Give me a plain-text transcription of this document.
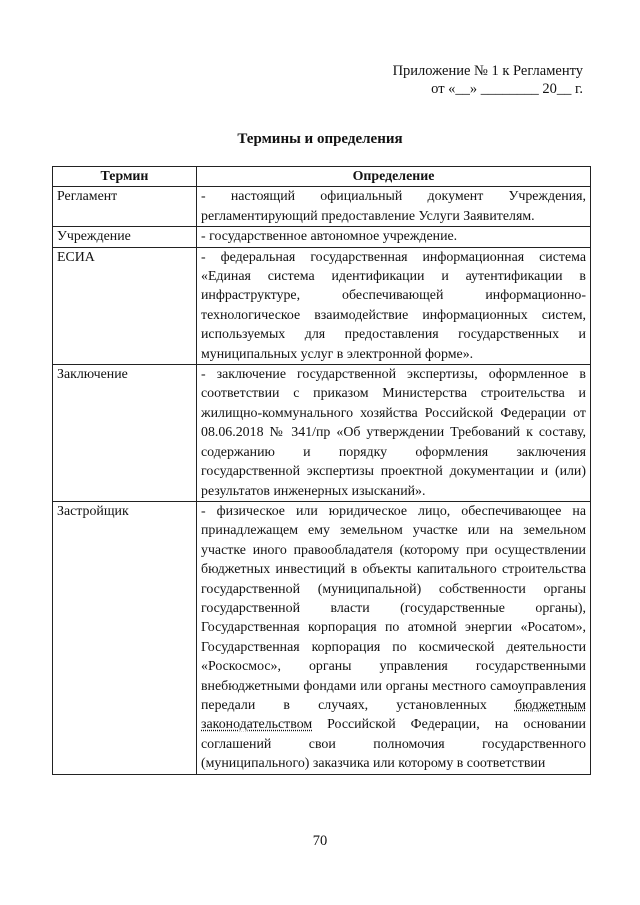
Приложение № 1 к Регламенту
от «__» ________ 20__ г.
Термины и определения
Термин	Определение
Регламент	- настоящий официальный документ Учреждения, регламентирующий предоставление Услуги Заявителям.
Учреждение	- государственное автономное учреждение.
ЕСИА	- федеральная государственная информационная система «Единая система идентификации и аутентификации в инфраструктуре, обеспечивающей информационно-технологическое взаимодействие информационных систем, используемых для предоставления государственных и муниципальных услуг в электронной форме».
Заключение	- заключение государственной экспертизы, оформленное в соответствии с приказом Министерства строительства и жилищно-коммунального хозяйства Российской Федерации от 08.06.2018 № 341/пр «Об утверждении Требований к составу, содержанию и порядку оформления заключения государственной экспертизы проектной документации и (или) результатов инженерных изысканий».
Застройщик	- физическое или юридическое лицо, обеспечивающее на принадлежащем ему земельном участке или на земельном участке иного правообладателя (которому при осуществлении бюджетных инвестиций в объекты капитального строительства государственной (муниципальной) собственности органы государственной власти (государственные органы), Государственная корпорация по атомной энергии «Росатом», Государственная корпорация по космической деятельности «Роскосмос», органы управления государственными внебюджетными фондами или органы местного самоуправления передали в случаях, установленных бюджетным законодательством Российской Федерации, на основании соглашений свои полномочия государственного (муниципального) заказчика или которому в соответствии
70
